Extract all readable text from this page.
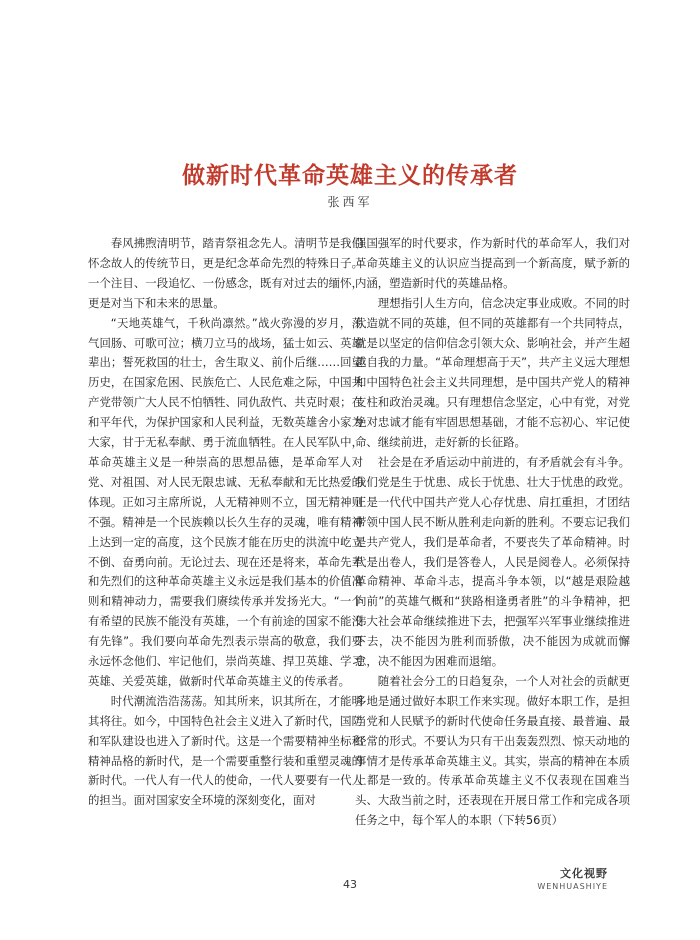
做新时代革命英雄主义的传承者
张西军

春风拂煦清明节，踏青祭祖念先人。清明节是我们怀念故人的传统节日，更是纪念革命先烈的特殊日子。一个注目、一段追忆、一份感念，既有对过去的缅怀，更是对当下和未来的思量。

“天地英雄气，千秋尚凛然。”战火弥漫的岁月，荡气回肠、可歌可泣；横刀立马的战场，猛士如云、英雄辈出；誓死救国的壮士，舍生取义、前仆后继……回望历史，在国家危困、民族危亡、人民危难之际，中国共产党带领广大人民不怕牺牲、同仇敌忾、共克时艰；在和平年代，为保护国家和人民利益，无数英雄舍小家为大家，甘于无私奉献、勇于流血牺牲。在人民军队中，革命英雄主义是一种崇高的思想品德，是革命军人对党、对祖国、对人民无限忠诚、无私奉献和无比热爱的体现。正如习主席所说，人无精神则不立，国无精神则不强。精神是一个民族赖以长久生存的灵魂，唯有精神上达到一定的高度，这个民族才能在历史的洪流中屹立不倒、奋勇向前。无论过去、现在还是将来，革命先辈和先烈们的这种革命英雄主义永远是我们基本的价值准则和精神动力，需要我们赓续传承并发扬光大。“一个有希望的民族不能没有英雄，一个有前途的国家不能没有先锋”。我们要向革命先烈表示崇高的敬意，我们要永远怀念他们、牢记他们，崇尚英雄、捍卫英雄、学习英雄、关爱英雄，做新时代革命英雄主义的传承者。

时代潮流浩浩荡荡。知其所来，识其所在，才能明其将往。如今，中国特色社会主义进入了新时代，国防和军队建设也进入了新时代。这是一个需要精神坐标和精神品格的新时代，是一个需要重整行装和重塑灵魂的新时代。一代人有一代人的使命，一代人要要有一代人的担当。面对国家安全环境的深刻变化，面对

强国强军的时代要求，作为新时代的革命军人，我们对革命英雄主义的认识应当提高到一个新高度，赋予新的内涵，塑造新时代的英雄品格。

理想指引人生方向，信念决定事业成败。不同的时代造就不同的英雄，但不同的英雄都有一个共同特点，就是以坚定的信仰信念引领大众、影响社会，并产生超越自我的力量。“革命理想高于天”，共产主义远大理想和中国特色社会主义共同理想，是中国共产党人的精神支柱和政治灵魂。只有理想信念坚定，心中有党，对党绝对忠诚才能有牢固思想基础，才能不忘初心、牢记使命、继续前进，走好新的长征路。

社会是在矛盾运动中前进的，有矛盾就会有斗争。我们党是生于忧患、成长于忧患、壮大于忧患的政党。正是一代代中国共产党人心存忧患、肩扛重担，才团结带领中国人民不断从胜利走向新的胜利。不要忘记我们是共产党人，我们是革命者，不要丧失了革命精神。时代是出卷人，我们是答卷人，人民是阅卷人。必须保持革命精神、革命斗志，提高斗争本领，以“越是艰险越向前”的英雄气概和“狭路相逢勇者胜”的斗争精神，把伟大社会革命继续推进下去，把强军兴军事业继续推进下去，决不能因为胜利而骄傲，决不能因为成就而懈怠，决不能因为困难而退缩。

随着社会分工的日趋复杂，一个人对社会的贡献更多地是通过做好本职工作来实现。做好本职工作，是担当党和人民赋予的新时代使命任务最直接、最普遍、最经常的形式。不要认为只有干出轰轰烈烈、惊天动地的事情才是传承革命英雄主义。其实，崇高的精神在本质上都是一致的。传承革命英雄主义不仅表现在国难当头、大敌当前之时，还表现在开展日常工作和完成各项任务之中，每个军人的本职（下转56页）

43
文化视野
WENHUASHIYE
